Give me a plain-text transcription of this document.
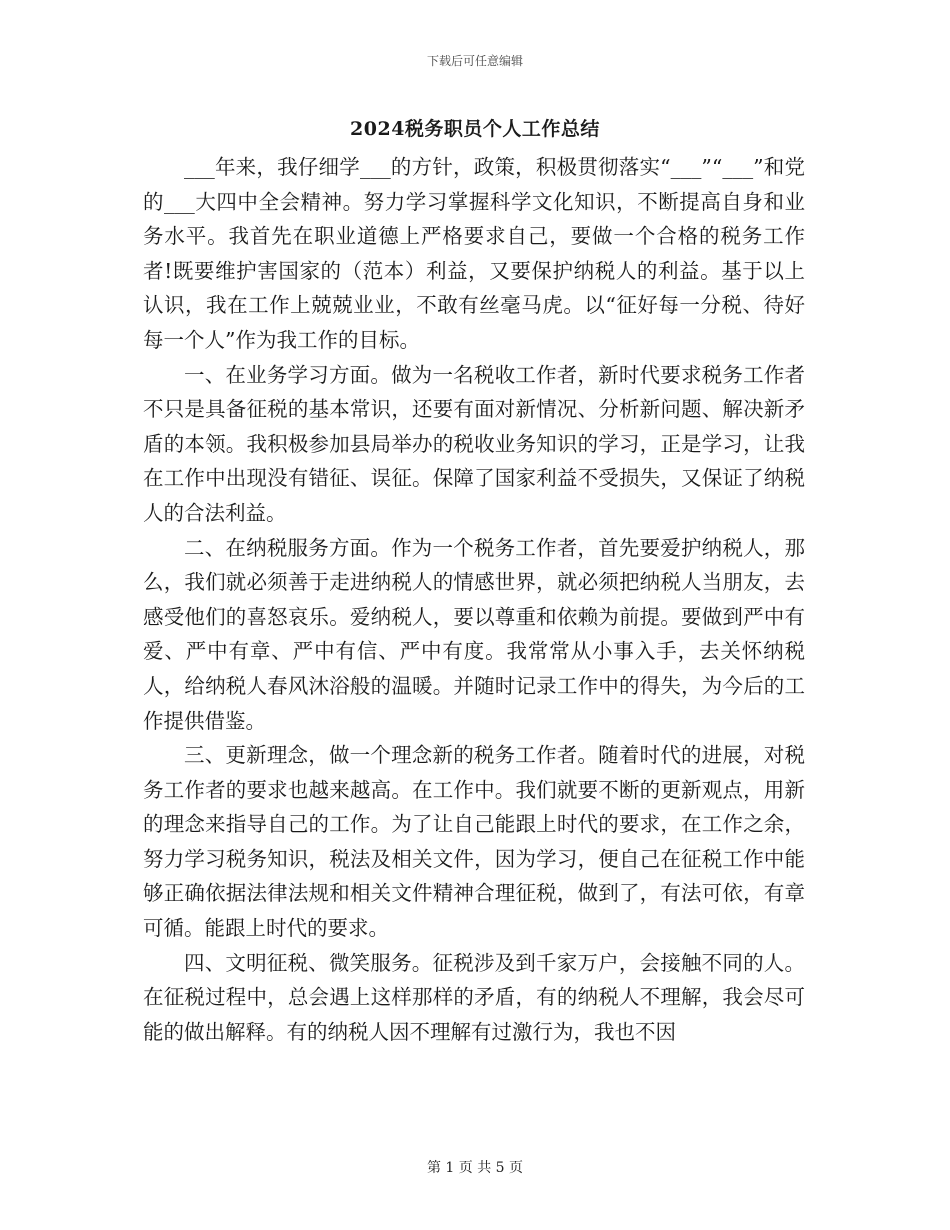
下载后可任意编辑
2024税务职员个人工作总结

___年来，我仔细学___的方针，政策，积极贯彻落实“___”“___”和党的___大四中全会精神。努力学习掌握科学文化知识，不断提高自身和业务水平。我首先在职业道德上严格要求自己，要做一个合格的税务工作者!既要维护害国家的（范本）利益，又要保护纳税人的利益。基于以上认识，我在工作上兢兢业业，不敢有丝毫马虎。以“征好每一分税、待好每一个人”作为我工作的目标。

一、在业务学习方面。做为一名税收工作者，新时代要求税务工作者不只是具备征税的基本常识，还要有面对新情况、分析新问题、解决新矛盾的本领。我积极参加县局举办的税收业务知识的学习，正是学习，让我在工作中出现没有错征、误征。保障了国家利益不受损失，又保证了纳税人的合法利益。

二、在纳税服务方面。作为一个税务工作者，首先要爱护纳税人，那么，我们就必须善于走进纳税人的情感世界，就必须把纳税人当朋友，去感受他们的喜怒哀乐。爱纳税人，要以尊重和依赖为前提。要做到严中有爱、严中有章、严中有信、严中有度。我常常从小事入手，去关怀纳税人，给纳税人春风沐浴般的温暖。并随时记录工作中的得失，为今后的工作提供借鉴。

三、更新理念，做一个理念新的税务工作者。随着时代的进展，对税务工作者的要求也越来越高。在工作中。我们就要不断的更新观点，用新的理念来指导自己的工作。为了让自己能跟上时代的要求，在工作之余，努力学习税务知识，税法及相关文件，因为学习，便自己在征税工作中能够正确依据法律法规和相关文件精神合理征税，做到了，有法可依，有章可循。能跟上时代的要求。

四、文明征税、微笑服务。征税涉及到千家万户，会接触不同的人。在征税过程中，总会遇上这样那样的矛盾，有的纳税人不理解，我会尽可能的做出解释。有的纳税人因不理解有过激行为，我也不因

第 1 页 共 5 页
